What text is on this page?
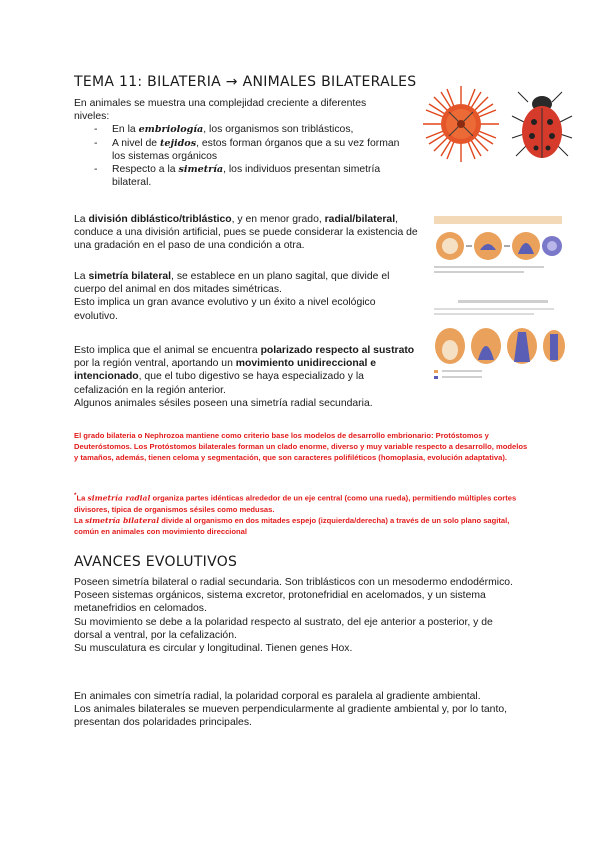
TEMA 11: BILATERIA → ANIMALES BILATERALES
En animales se muestra una complejidad creciente a diferentes niveles:
- En la embriología, los organismos son triblásticos,
- A nivel de tejidos, estos forman órganos que a su vez forman los sistemas orgánicos
- Respecto a la simetría, los individuos presentan simetría bilateral.
La división diblástico/triblástico, y en menor grado, radial/bilateral, conduce a una división artificial, pues se puede considerar la existencia de una gradación en el paso de una condición a otra.
La simetría bilateral, se establece en un plano sagital, que divide el cuerpo del animal en dos mitades simétricas.
Esto implica un gran avance evolutivo y un éxito a nivel ecológico evolutivo.
Esto implica que el animal se encuentra polarizado respecto al sustrato por la región ventral, aportando un movimiento unidireccional e intencionado, que el tubo digestivo se haya especializado y la cefalización en la región anterior.
Algunos animales sésiles poseen una simetría radial secundaria.
El grado bilateria o Nephrozoa mantiene como criterio base los modelos de desarrollo embrionario: Protóstomos y Deuteróstomos. Los Protóstomos bilaterales forman un clado enorme, diverso y muy variable respecto a desarrollo, modelos y tamaños, además, tienen celoma y segmentación, que son caracteres polifiléticos (homoplasia, evolución adaptativa).
*La simetría radial organiza partes idénticas alrededor de un eje central (como una rueda), permitiendo múltiples cortes divisores, típica de organismos sésiles como medusas.
La simetría bilateral divide al organismo en dos mitades espejo (izquierda/derecha) a través de un solo plano sagital, común en animales con movimiento direccional
AVANCES EVOLUTIVOS
Poseen simetría bilateral o radial secundaria. Son triblásticos con un mesodermo endodérmico.
Poseen sistemas orgánicos, sistema excretor, protonefridial en acelomados, y un sistema metanefridios en celomados.
Su movimiento se debe a la polaridad respecto al sustrato, del eje anterior a posterior, y de dorsal a ventral, por la cefalización.
Su musculatura es circular y longitudinal. Tienen genes Hox.
En animales con simetría radial, la polaridad corporal es paralela al gradiente ambiental.
Los animales bilaterales se mueven perpendicularmente al gradiente ambiental y, por lo tanto, presentan dos polaridades principales.
